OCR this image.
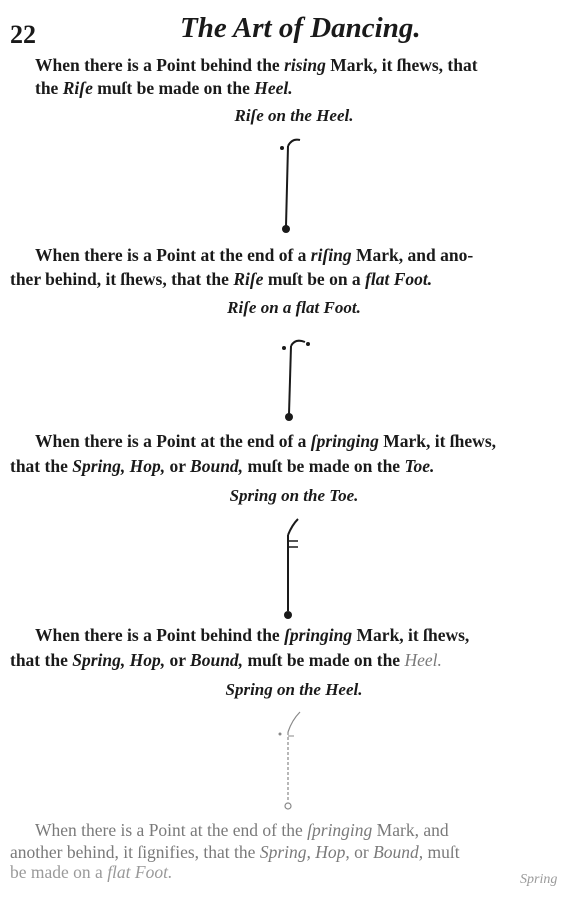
22	The Art of Dancing.
When there is a Point behind the rising Mark, it ſhews, that
the Riſe muſt be made on the Heel.
Riſe on the Heel.
When there is a Point at the end of a riſing Mark, and ano-
ther behind, it ſhews, that the Riſe muſt be on a flat Foot.
Riſe on a flat Foot.
When there is a Point at the end of a ſpringing Mark, it ſhews,
that the Spring, Hop, or Bound, muſt be made on the Toe.
Spring on the Toe.
When there is a Point behind the ſpringing Mark, it ſhews,
that the Spring, Hop, or Bound, muſt be made on the Heel.
Spring on the Heel.
When there is a Point at the end of the ſpringing Mark, and
another behind, it ſignifies, that the Spring, Hop, or Bound, muſt
be made on a flat Foot.	Spring
